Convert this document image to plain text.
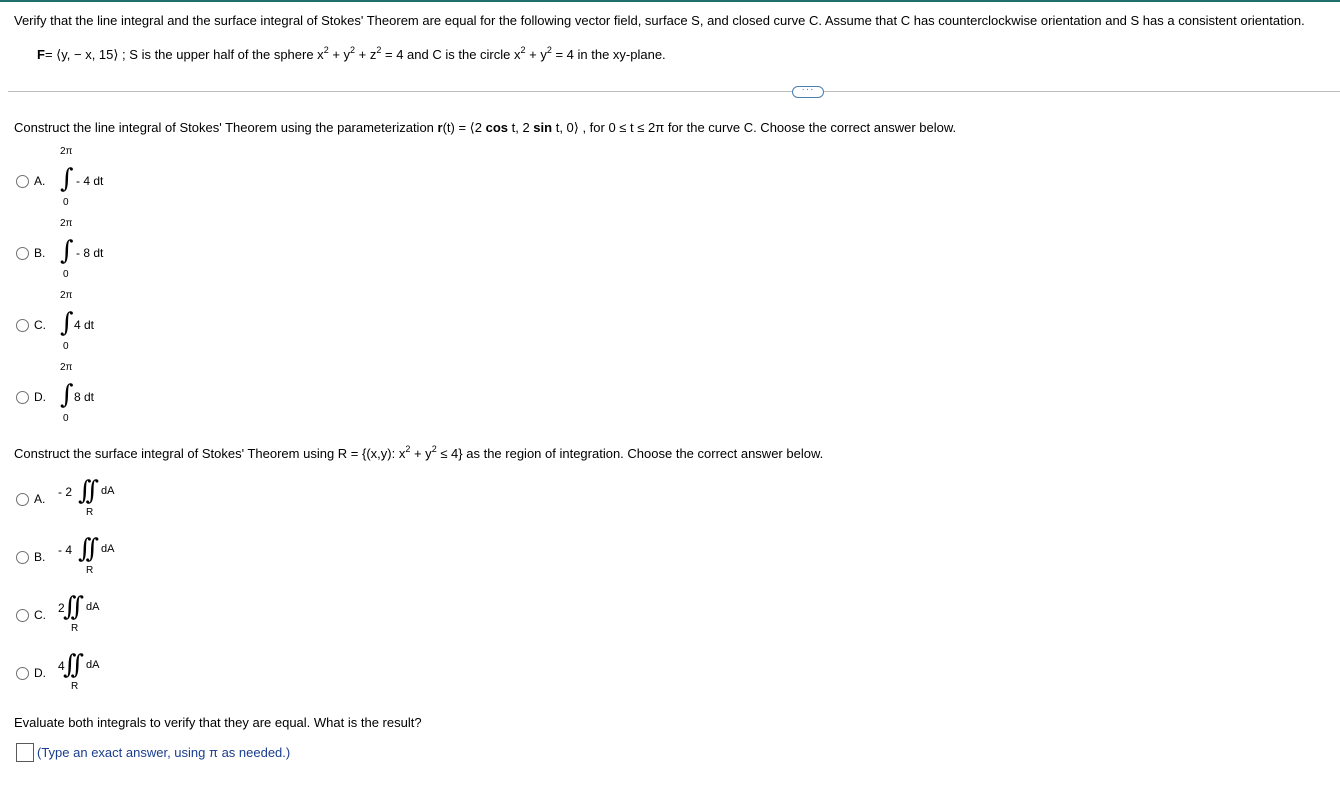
Verify that the line integral and the surface integral of Stokes' Theorem are equal for the following vector field, surface S, and closed curve C. Assume that C has counterclockwise orientation and S has a consistent orientation.
F= ⟨y, − x, 15⟩ ; S is the upper half of the sphere $x^2 + y^2 + z^2 = 4$ and C is the circle $x^2 + y^2 = 4$ in the xy-plane.
···
Construct the line integral of Stokes' Theorem using the parameterization r(t) = ⟨2 cos t, 2 sin t, 0⟩ , for 0 ≤ t ≤ 2π for the curve C. Choose the correct answer below.
A.
2π
∫
0
- 4 dt
B.
2π
∫
0
- 8 dt
C.
2π
∫
0
4 dt
D.
2π
∫
0
8 dt
Construct the surface integral of Stokes' Theorem using R = {(x,y): $x^2 + y^2 \le 4$} as the region of integration. Choose the correct answer below.
A. - 2 ∫∫ dA
R
B. - 4 ∫∫ dA
R
C. 2
∫∫ dA
R
D. 4
∫∫ dA
R
Evaluate both integrals to verify that they are equal. What is the result?
(Type an exact answer, using π as needed.)
